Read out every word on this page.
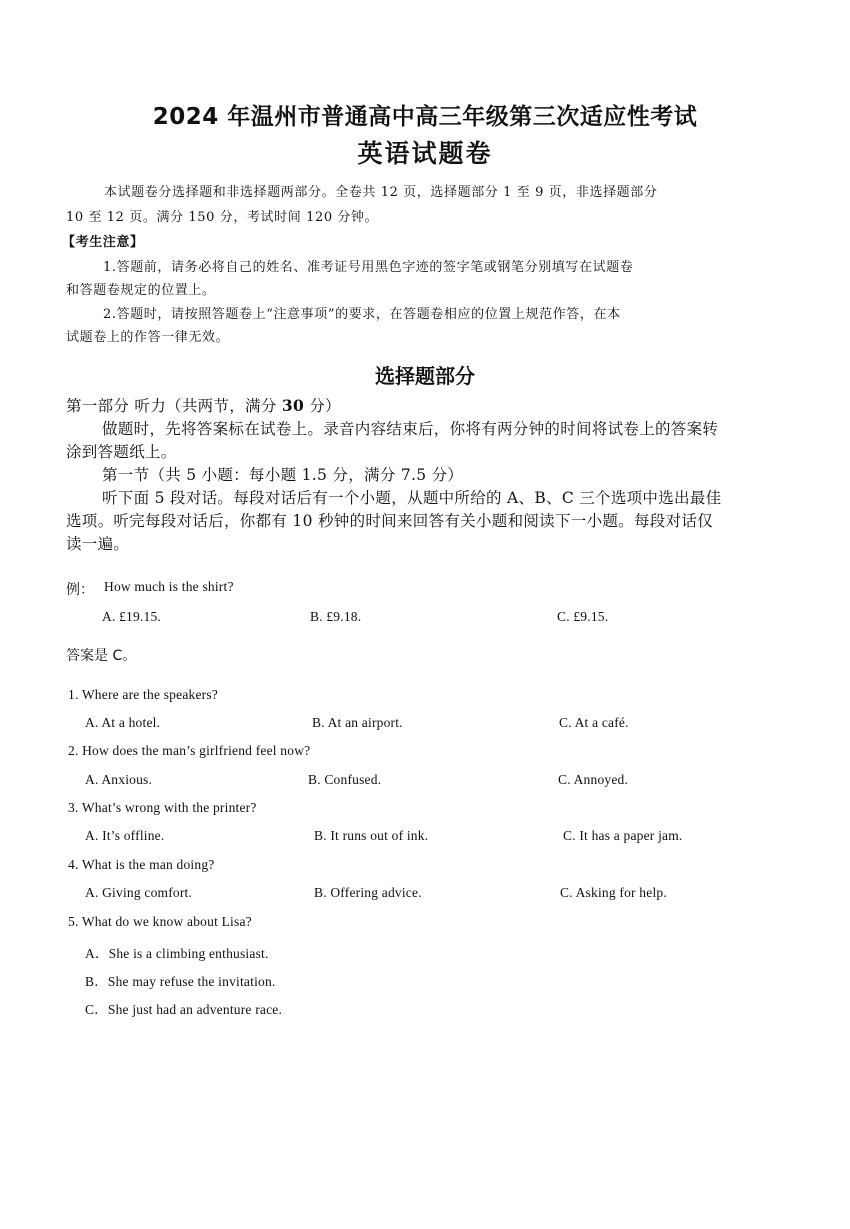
2024 年温州市普通高中高三年级第三次适应性考试
英语试题卷
本试题卷分选择题和非选择题两部分。全卷共 12 页，选择题部分 1 至 9 页，非选择题部分
10 至 12 页。满分 150 分，考试时间 120 分钟。
【考生注意】
1.答题前，请务必将自己的姓名、准考证号用黑色字迹的签字笔或钢笔分别填写在试题卷
和答题卷规定的位置上。
2.答题时，请按照答题卷上“注意事项”的要求，在答题卷相应的位置上规范作答，在本
试题卷上的作答一律无效。
选择题部分
第一部分 听力（共两节，满分 30 分）
做题时，先将答案标在试卷上。录音内容结束后，你将有两分钟的时间将试卷上的答案转
涂到答题纸上。
第一节（共 5 小题：每小题 1.5 分，满分 7.5 分）
听下面 5 段对话。每段对话后有一个小题，从题中所给的 A、B、C 三个选项中选出最佳
选项。听完每段对话后，你都有 10 秒钟的时间来回答有关小题和阅读下一小题。每段对话仅
读一遍。
例： How much is the shirt?
A. £19.15.	B. £9.18.	C. £9.15.
答案是 C。
1. Where are the speakers?
A. At a hotel.	B. At an airport.	C. At a café.
2. How does the man’s girlfriend feel now?
A. Anxious.	B. Confused.	C. Annoyed.
3. What’s wrong with the printer?
A. It’s offline.	B. It runs out of ink.	C. It has a paper jam.
4. What is the man doing?
A. Giving comfort.	B. Offering advice.	C. Asking for help.
5. What do we know about Lisa?
A．She is a climbing enthusiast.
B．She may refuse the invitation.
C．She just had an adventure race.
